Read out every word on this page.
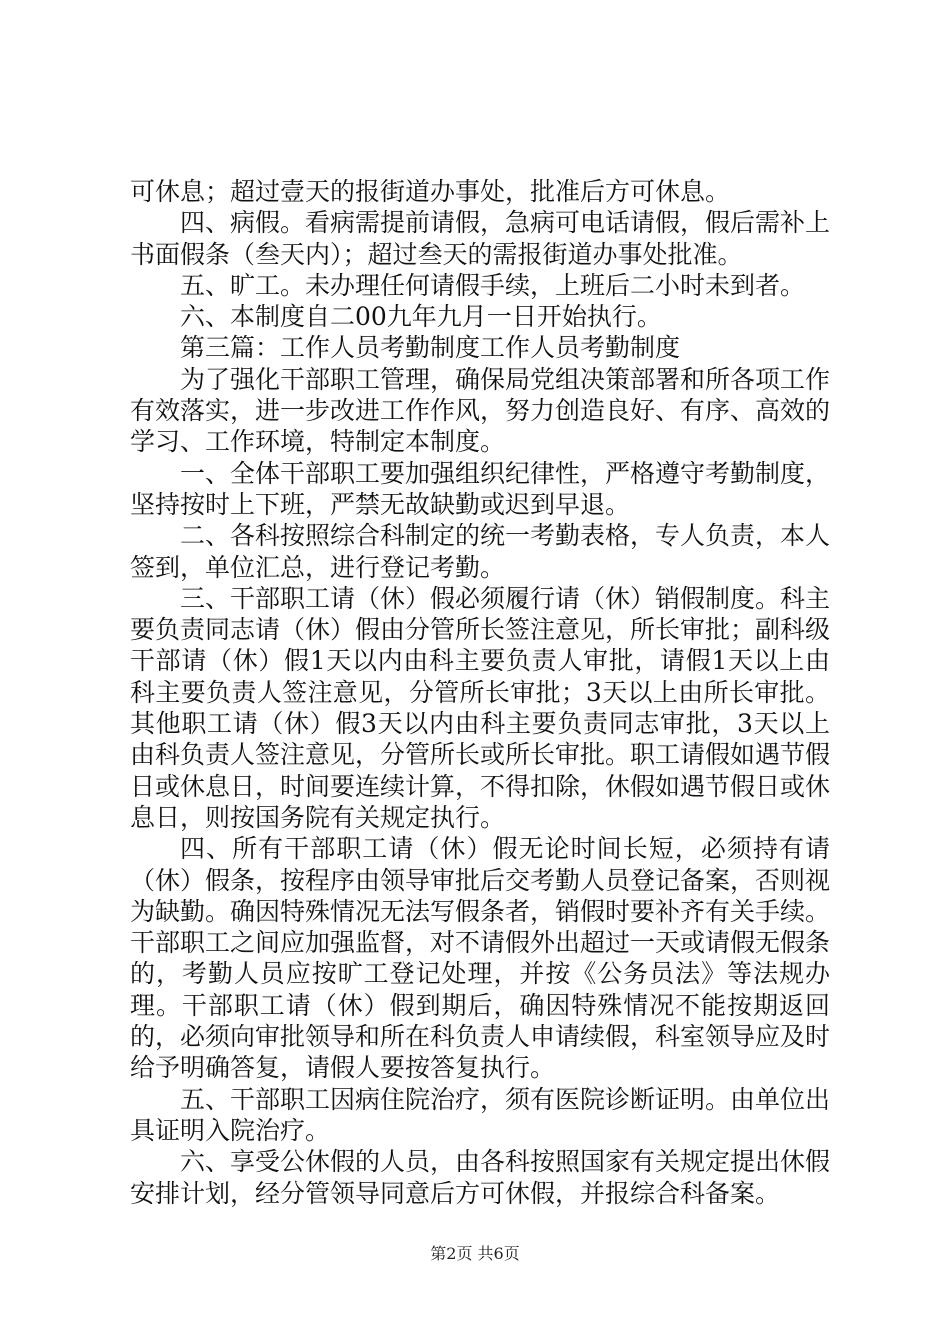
可休息；超过壹天的报街道办事处，批准后方可休息。

四、病假。看病需提前请假，急病可电话请假，假后需补上书面假条（叁天内）；超过叁天的需报街道办事处批准。

五、旷工。未办理任何请假手续，上班后二小时未到者。

六、本制度自二00九年九月一日开始执行。

第三篇：工作人员考勤制度工作人员考勤制度

为了强化干部职工管理，确保局党组决策部署和所各项工作有效落实，进一步改进工作作风，努力创造良好、有序、高效的学习、工作环境，特制定本制度。

一、全体干部职工要加强组织纪律性，严格遵守考勤制度，坚持按时上下班，严禁无故缺勤或迟到早退。

二、各科按照综合科制定的统一考勤表格，专人负责，本人签到，单位汇总，进行登记考勤。

三、干部职工请（休）假必须履行请（休）销假制度。科主要负责同志请（休）假由分管所长签注意见，所长审批；副科级干部请（休）假1天以内由科主要负责人审批，请假1天以上由科主要负责人签注意见，分管所长审批；3天以上由所长审批。其他职工请（休）假3天以内由科主要负责同志审批，3天以上由科负责人签注意见，分管所长或所长审批。职工请假如遇节假日或休息日，时间要连续计算，不得扣除，休假如遇节假日或休息日，则按国务院有关规定执行。

四、所有干部职工请（休）假无论时间长短，必须持有请（休）假条，按程序由领导审批后交考勤人员登记备案，否则视为缺勤。确因特殊情况无法写假条者，销假时要补齐有关手续。干部职工之间应加强监督，对不请假外出超过一天或请假无假条的，考勤人员应按旷工登记处理，并按《公务员法》等法规办理。干部职工请（休）假到期后，确因特殊情况不能按期返回的，必须向审批领导和所在科负责人申请续假，科室领导应及时给予明确答复，请假人要按答复执行。

五、干部职工因病住院治疗，须有医院诊断证明。由单位出具证明入院治疗。

六、享受公休假的人员，由各科按照国家有关规定提出休假安排计划，经分管领导同意后方可休假，并报综合科备案。

第2页 共6页
